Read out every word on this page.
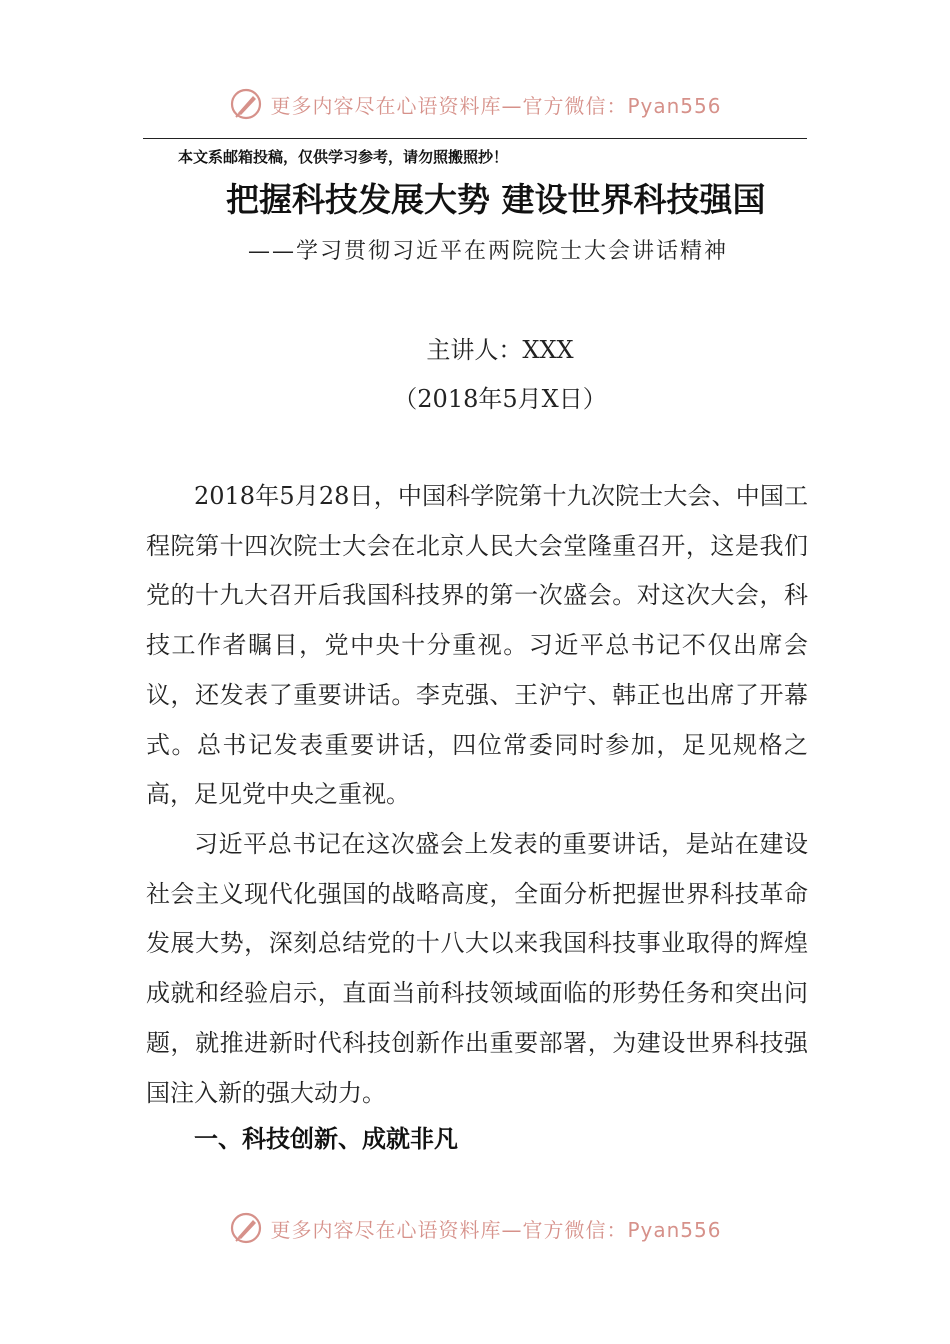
更多内容尽在心语资料库—官方微信：Pyan556
本文系邮箱投稿，仅供学习参考，请勿照搬照抄！
把握科技发展大势 建设世界科技强国
——学习贯彻习近平在两院院士大会讲话精神
主讲人：XXX
（2018年5月X日）

2018年5月28日，中国科学院第十九次院士大会、中国工程院第十四次院士大会在北京人民大会堂隆重召开，这是我们党的十九大召开后我国科技界的第一次盛会。对这次大会，科技工作者瞩目，党中央十分重视。习近平总书记不仅出席会议，还发表了重要讲话。李克强、王沪宁、韩正也出席了开幕式。总书记发表重要讲话，四位常委同时参加，足见规格之高，足见党中央之重视。

习近平总书记在这次盛会上发表的重要讲话，是站在建设社会主义现代化强国的战略高度，全面分析把握世界科技革命发展大势，深刻总结党的十八大以来我国科技事业取得的辉煌成就和经验启示，直面当前科技领域面临的形势任务和突出问题，就推进新时代科技创新作出重要部署，为建设世界科技强国注入新的强大动力。

一、科技创新、成就非凡
更多内容尽在心语资料库—官方微信：Pyan556
